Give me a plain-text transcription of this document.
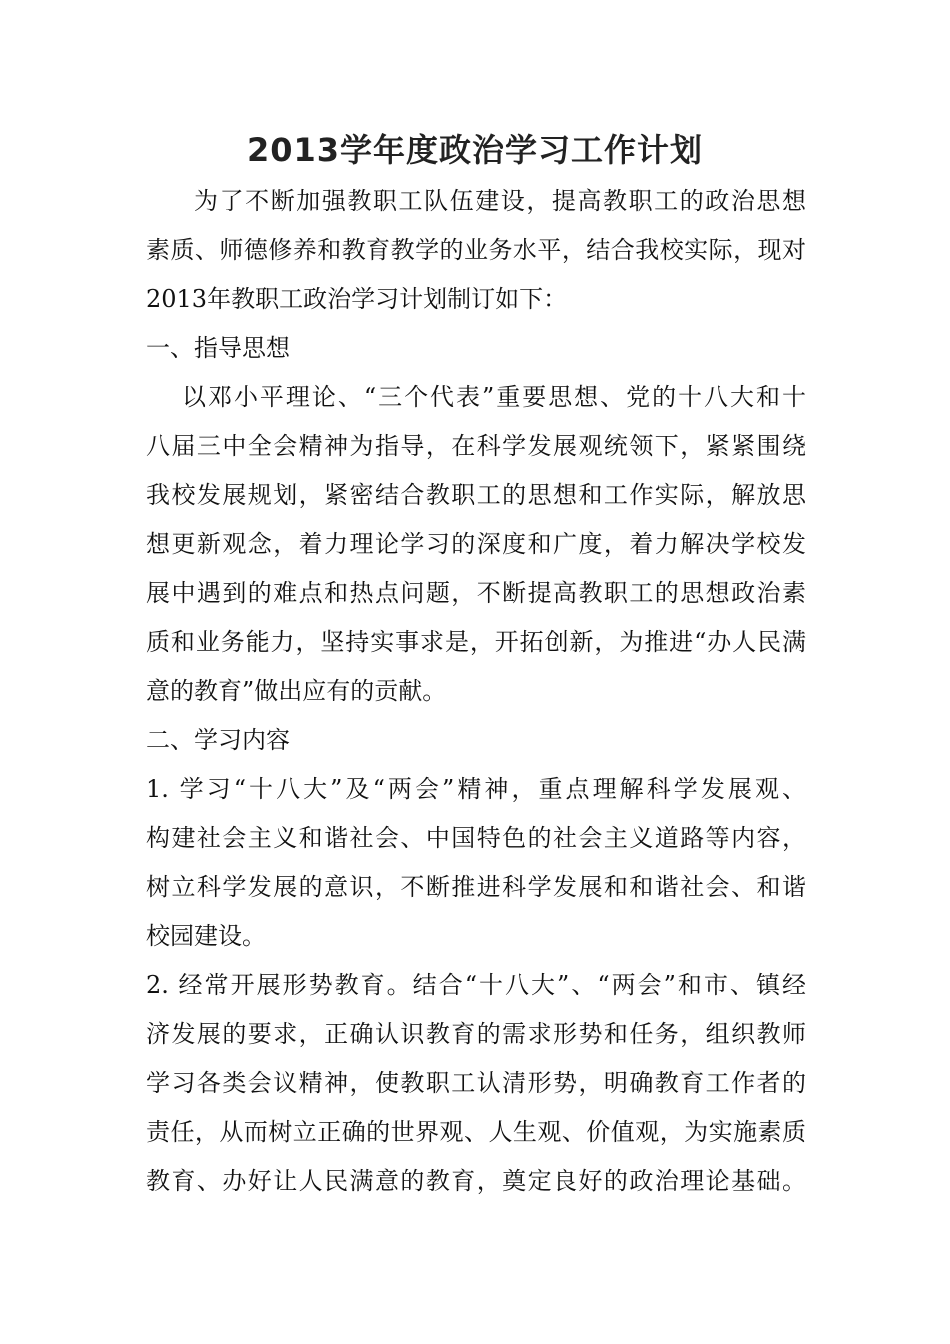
2013学年度政治学习工作计划
为了不断加强教职工队伍建设，提高教职工的政治思想
素质、师德修养和教育教学的业务水平，结合我校实际，现对
2013年教职工政治学习计划制订如下：
一、指导思想
以邓小平理论、“三个代表”重要思想、党的十八大和十
八届三中全会精神为指导，在科学发展观统领下，紧紧围绕
我校发展规划，紧密结合教职工的思想和工作实际，解放思
想更新观念，着力理论学习的深度和广度，着力解决学校发
展中遇到的难点和热点问题，不断提高教职工的思想政治素
质和业务能力，坚持实事求是，开拓创新，为推进“办人民满
意的教育”做出应有的贡献。
二、学习内容
1. 学习“十八大”及“两会”精神，重点理解科学发展观、
构建社会主义和谐社会、中国特色的社会主义道路等内容，
树立科学发展的意识，不断推进科学发展和和谐社会、和谐
校园建设。
2. 经常开展形势教育。结合“十八大”、“两会”和市、镇经
济发展的要求，正确认识教育的需求形势和任务，组织教师
学习各类会议精神，使教职工认清形势，明确教育工作者的
责任，从而树立正确的世界观、人生观、价值观，为实施素质
教育、办好让人民满意的教育，奠定良好的政治理论基础。
